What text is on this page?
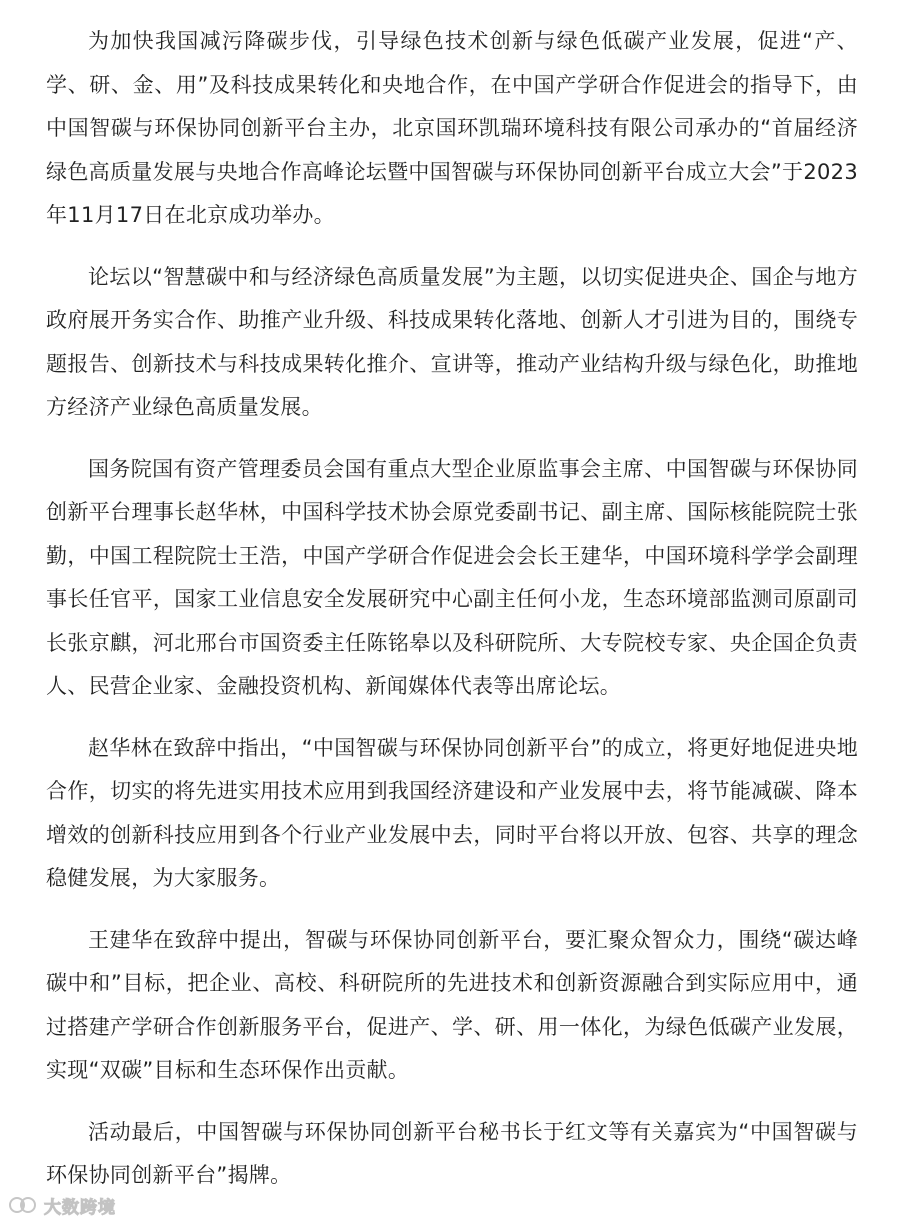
为加快我国减污降碳步伐，引导绿色技术创新与绿色低碳产业发展，促进“产、学、研、金、用”及科技成果转化和央地合作，在中国产学研合作促进会的指导下，由中国智碳与环保协同创新平台主办，北京国环凯瑞环境科技有限公司承办的“首届经济绿色高质量发展与央地合作高峰论坛暨中国智碳与环保协同创新平台成立大会”于2023年11月17日在北京成功举办。

论坛以“智慧碳中和与经济绿色高质量发展”为主题，以切实促进央企、国企与地方政府展开务实合作、助推产业升级、科技成果转化落地、创新人才引进为目的，围绕专题报告、创新技术与科技成果转化推介、宣讲等，推动产业结构升级与绿色化，助推地方经济产业绿色高质量发展。

国务院国有资产管理委员会国有重点大型企业原监事会主席、中国智碳与环保协同创新平台理事长赵华林，中国科学技术协会原党委副书记、副主席、国际核能院院士张勤，中国工程院院士王浩，中国产学研合作促进会会长王建华，中国环境科学学会副理事长任官平，国家工业信息安全发展研究中心副主任何小龙，生态环境部监测司原副司长张京麒，河北邢台市国资委主任陈铭皋以及科研院所、大专院校专家、央企国企负责人、民营企业家、金融投资机构、新闻媒体代表等出席论坛。

赵华林在致辞中指出，“中国智碳与环保协同创新平台”的成立，将更好地促进央地合作，切实的将先进实用技术应用到我国经济建设和产业发展中去，将节能减碳、降本增效的创新科技应用到各个行业产业发展中去，同时平台将以开放、包容、共享的理念稳健发展，为大家服务。

王建华在致辞中提出，智碳与环保协同创新平台，要汇聚众智众力，围绕“碳达峰碳中和”目标，把企业、高校、科研院所的先进技术和创新资源融合到实际应用中，通过搭建产学研合作创新服务平台，促进产、学、研、用一体化，为绿色低碳产业发展，实现“双碳”目标和生态环保作出贡献。

活动最后，中国智碳与环保协同创新平台秘书长于红文等有关嘉宾为“中国智碳与环保协同创新平台”揭牌。

大数跨境
